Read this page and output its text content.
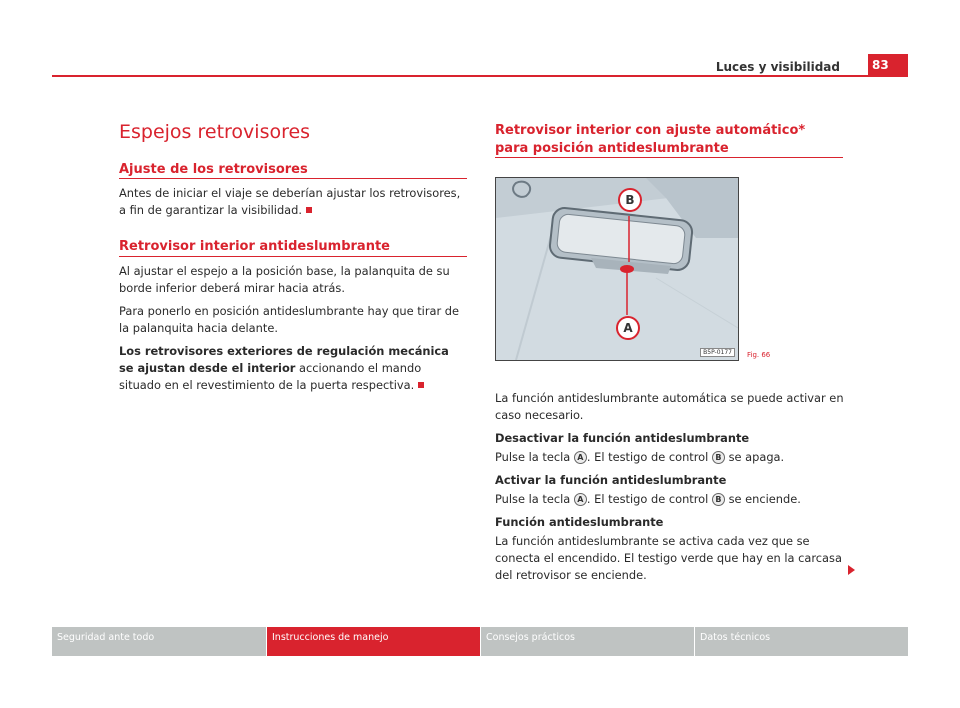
Luces y visibilidad	83
Espejos retrovisores
Ajuste de los retrovisores

Antes de iniciar el viaje se deberían ajustar los retrovisores, a fin de garantizar la visibilidad.

Retrovisor interior antideslumbrante

Al ajustar el espejo a la posición base, la palanquita de su borde inferior deberá mirar hacia atrás.

Para ponerlo en posición antideslumbrante hay que tirar de la palanquita hacia delante.

Los retrovisores exteriores de regulación mecánica se ajustan desde el interior accionando el mando situado en el revestimiento de la puerta respectiva.

Retrovisor interior con ajuste automático* para posición antideslumbrante
B
A
B5P-0177	Fig. 66

La función antideslumbrante automática se puede activar en caso necesario.

Desactivar la función antideslumbrante

Pulse la tecla A . El testigo de control B se apaga.

Activar la función antideslumbrante

Pulse la tecla A . El testigo de control B se enciende.

Función antideslumbrante

La función antideslumbrante se activa cada vez que se conecta el encendido. El testigo verde que hay en la carcasa del retrovisor se enciende.

Seguridad ante todo	Instrucciones de manejo	Consejos prácticos	Datos técnicos
